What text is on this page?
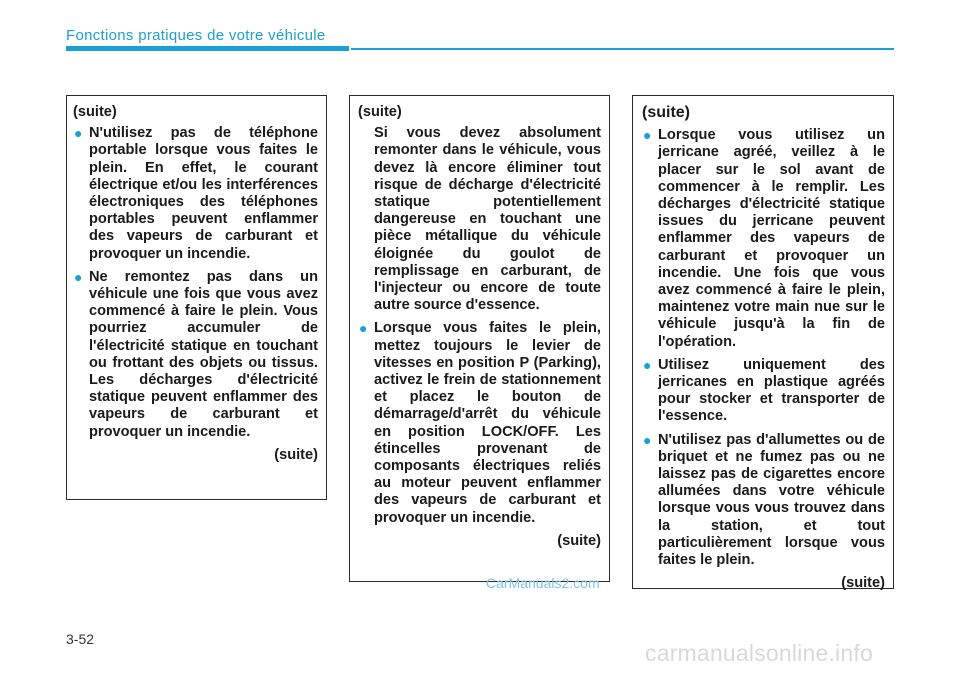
Fonctions pratiques de votre véhicule
(suite)
● N'utilisez pas de téléphone portable lorsque vous faites le plein. En effet, le courant électrique et/ou les interférences électroniques des téléphones portables peuvent enflammer des vapeurs de carburant et provoquer un incendie.
● Ne remontez pas dans un véhicule une fois que vous avez commencé à faire le plein. Vous pourriez accumuler de l'électricité statique en touchant ou frottant des objets ou tissus. Les décharges d'électricité statique peuvent enflammer des vapeurs de carburant et provoquer un incendie.
(suite)
(suite)

Si vous devez absolument remonter dans le véhicule, vous devez là encore éliminer tout risque de décharge d'électricité statique potentiellement dangereuse en touchant une pièce métallique du véhicule éloignée du goulot de remplissage en carburant, de l'injecteur ou encore de toute autre source d'essence.

● Lorsque vous faites le plein, mettez toujours le levier de vitesses en position P (Parking), activez le frein de stationnement et placez le bouton de démarrage/d'arrêt du véhicule en position LOCK/OFF. Les étincelles provenant de composants électriques reliés au moteur peuvent enflammer des vapeurs de carburant et provoquer un incendie.
(suite)
(suite)
● Lorsque vous utilisez un jerricane agréé, veillez à le placer sur le sol avant de commencer à le remplir. Les décharges d'électricité statique issues du jerricane peuvent enflammer des vapeurs de carburant et provoquer un incendie. Une fois que vous avez commencé à faire le plein, maintenez votre main nue sur le véhicule jusqu'à la fin de l'opération.
● Utilisez uniquement des jerricanes en plastique agréés pour stocker et transporter de l'essence.
● N'utilisez pas d'allumettes ou de briquet et ne fumez pas ou ne laissez pas de cigarettes encore allumées dans votre véhicule lorsque vous vous trouvez dans la station, et tout particulièrement lorsque vous faites le plein.
(suite)
CarManuals2.com
3-52
carmanualsonline.info
